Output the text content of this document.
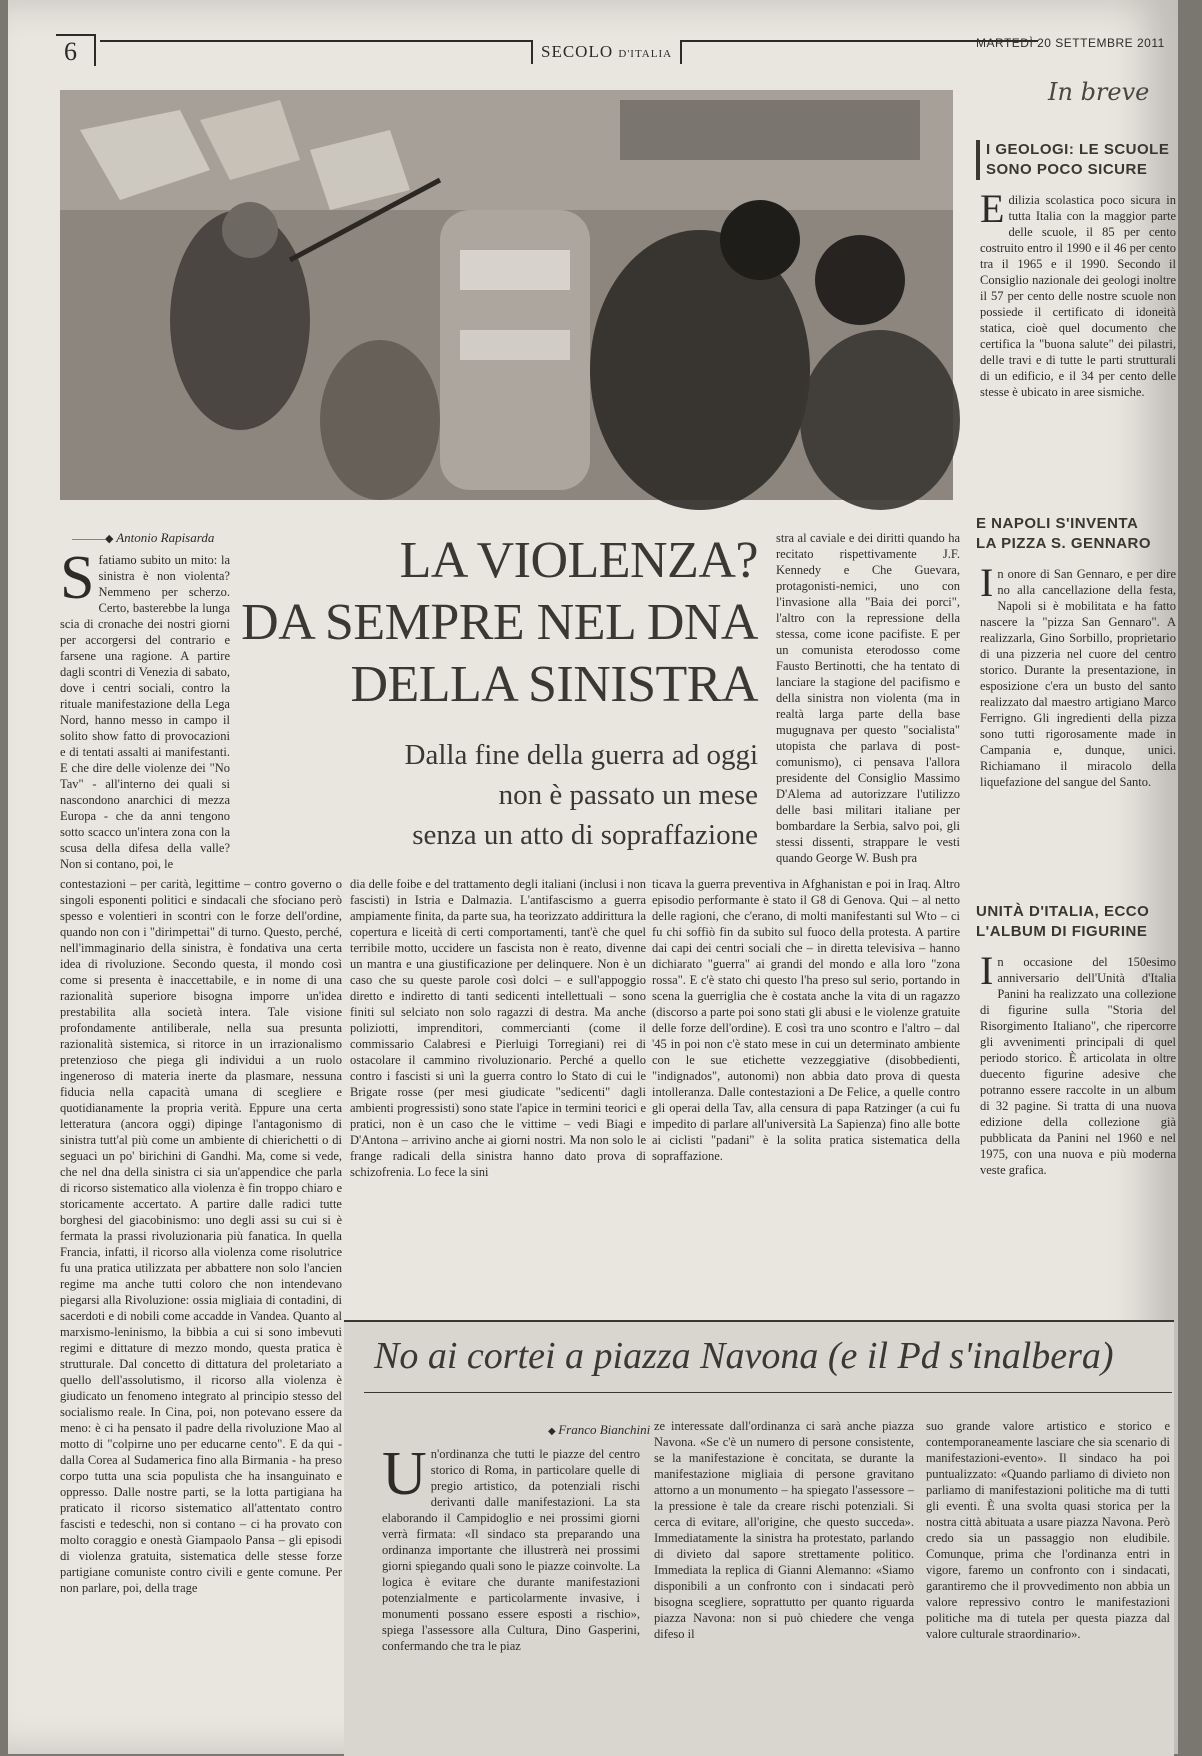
6	SECOLO D'ITALIA
MARTEDÌ 20 SETTEMBRE 2011
In breve
I GEOLOGI: LE SCUOLE
SONO POCO SICURE
Edilizia scolastica poco sicura in tutta Italia con la maggior parte delle scuole, il 85 per cento costruito entro il 1990 e il 46 per cento tra il 1965 e il 1990. Secondo il Consiglio nazionale dei geologi inoltre il 57 per cento delle nostre scuole non possiede il certificato di idoneità statica, cioè quel documento che certifica la "buona salute" dei pilastri, delle travi e di tutte le parti strutturali di un edificio, e il 34 per cento delle stesse è ubicato in aree sismiche.
E NAPOLI S'INVENTA
LA PIZZA S. GENNARO
In onore di San Gennaro, e per dire no alla cancellazione della festa, Napoli si è mobilitata e ha fatto nascere la "pizza San Gennaro". A realizzarla, Gino Sorbillo, proprietario di una pizzeria nel cuore del centro storico. Durante la presentazione, in esposizione c'era un busto del santo realizzato dal maestro artigiano Marco Ferrigno. Gli ingredienti della pizza sono tutti rigorosamente made in Campania e, dunque, unici. Richiamano il miracolo della liquefazione del sangue del Santo.
UNITÀ D'ITALIA, ECCO
L'ALBUM DI FIGURINE
In occasione del 150esimo anniversario dell'Unità d'Italia Panini ha realizzato una collezione di figurine sulla "Storia del Risorgimento Italiano", che ripercorre gli avvenimenti principali di quel periodo storico. È articolata in oltre duecento figurine adesive che potranno essere raccolte in un album di 32 pagine. Si tratta di una nuova edizione della collezione già pubblicata da Panini nel 1960 e nel 1975, con una nuova e più moderna veste grafica.
———◆ Antonio Rapisarda	LA VIOLENZA?
DA SEMPRE NEL DNA
DELLA SINISTRA
Dalla fine della guerra ad oggi
non è passato un mese
senza un atto di sopraffazione
Sfatiamo subito un mito: la sinistra è non violenta? Nemmeno per scherzo. Certo, basterebbe la lunga scia di cronache dei nostri giorni per accorgersi del contrario e farsene una ragione. A partire dagli scontri di Venezia di sabato, dove i centri sociali, contro la rituale manifestazione della Lega Nord, hanno messo in campo il solito show fatto di provocazioni e di tentati assalti ai manifestanti. E che dire delle violenze dei "No Tav" - all'interno dei quali si nascondono anarchici di mezza Europa - che da anni tengono sotto scacco un'intera zona con la scusa della difesa della valle? Non si contano, poi, le
contestazioni – per carità, legittime – contro governo o singoli esponenti politici e sindacali che sfociano però spesso e volentieri in scontri con le forze dell'ordine, quando non con i "dirimpettai" di turno. Questo, perché, nell'immaginario della sinistra, è fondativa una certa idea di rivoluzione. Secondo questa, il mondo così come si presenta è inaccettabile, e in nome di una razionalità superiore bisogna imporre un'idea prestabilita alla società intera. Tale visione profondamente antiliberale, nella sua presunta razionalità sistemica, si ritorce in un irrazionalismo pretenzioso che piega gli individui a un ruolo ingeneroso di materia inerte da plasmare, nessuna fiducia nella capacità umana di scegliere e quotidianamente la propria verità. Eppure una certa letteratura (ancora oggi) dipinge l'antagonismo di sinistra tutt'al più come un ambiente di chierichetti o di seguaci un po' birichini di Gandhi. Ma, come si vede, che nel dna della sinistra ci sia un'appendice che parla di ricorso sistematico alla violenza è fin troppo chiaro e storicamente accertato. A partire dalle radici tutte borghesi del giacobinismo: uno degli assi su cui si è fermata la prassi rivoluzionaria più fanatica. In quella Francia, infatti, il ricorso alla violenza come risolutrice fu una pratica utilizzata per abbattere non solo l'ancien regime ma anche tutti coloro che non intendevano piegarsi alla Rivoluzione: ossia migliaia di contadini, di sacerdoti e di nobili come accadde in Vandea. Quanto al marxismo-leninismo, la bibbia a cui si sono imbevuti regimi e dittature di mezzo mondo, questa pratica è strutturale. Dal concetto di dittatura del proletariato a quello dell'assolutismo, il ricorso alla violenza è giudicato un fenomeno integrato al principio stesso del socialismo reale. In Cina, poi, non potevano essere da meno: è ci ha pensato il padre della rivoluzione Mao al motto di "colpirne uno per educarne cento". E da qui - dalla Corea al Sudamerica fino alla Birmania - ha preso corpo tutta una scia populista che ha insanguinato e oppresso. Dalle nostre parti, se la lotta partigiana ha praticato il ricorso sistematico all'attentato contro fascisti e tedeschi, non si contano – ci ha provato con molto coraggio e onestà Giampaolo Pansa – gli episodi di violenza gratuita, sistematica delle stesse forze partigiane comuniste contro civili e gente comune. Per non parlare, poi, della trage
dia delle foibe e del trattamento degli italiani (inclusi i non fascisti) in Istria e Dalmazia. L'antifascismo a guerra ampiamente finita, da parte sua, ha teorizzato addirittura la copertura e liceità di certi comportamenti, tant'è che quel terribile motto, uccidere un fascista non è reato, divenne un mantra e una giustificazione per delinquere. Non è un caso che su queste parole così dolci – e sull'appoggio diretto e indiretto di tanti sedicenti intellettuali – sono finiti sul selciato non solo ragazzi di destra. Ma anche poliziotti, imprenditori, commercianti (come il commissario Calabresi e Pierluigi Torregiani) rei di ostacolare il cammino rivoluzionario. Perché a quello contro i fascisti si unì la guerra contro lo Stato di cui le Brigate rosse (per mesi giudicate "sedicenti" dagli ambienti progressisti) sono state l'apice in termini teorici e pratici, non è un caso che le vittime – vedi Biagi e D'Antona – arrivino anche ai giorni nostri. Ma non solo le frange radicali della sinistra hanno dato prova di schizofrenia. Lo fece la sini
stra al caviale e dei diritti quando ha recitato rispettivamente J.F. Kennedy e Che Guevara, protagonisti-nemici, uno con l'invasione alla "Baia dei porci", l'altro con la repressione della stessa, come icone pacifiste. E per un comunista eterodosso come Fausto Bertinotti, che ha tentato di lanciare la stagione del pacifismo e della sinistra non violenta (ma in realtà larga parte della base mugugnava per questo "socialista" utopista che parlava di post-comunismo), ci pensava l'allora presidente del Consiglio Massimo D'Alema ad autorizzare l'utilizzo delle basi militari italiane per bombardare la Serbia, salvo poi, gli stessi dissenti, strappare le vesti quando George W. Bush pra
ticava la guerra preventiva in Afghanistan e poi in Iraq. Altro episodio performante è stato il G8 di Genova. Qui – al netto delle ragioni, che c'erano, di molti manifestanti sul Wto – ci fu chi soffiò fin da subito sul fuoco della protesta. A partire dai capi dei centri sociali che – in diretta televisiva – hanno dichiarato "guerra" ai grandi del mondo e alla loro "zona rossa". E c'è stato chi questo l'ha preso sul serio, portando in scena la guerriglia che è costata anche la vita di un ragazzo (discorso a parte poi sono stati gli abusi e le violenze gratuite delle forze dell'ordine). E così tra uno scontro e l'altro – dal '45 in poi non c'è stato mese in cui un determinato ambiente con le sue etichette vezzeggiative (disobbedienti, "indignados", autonomi) non abbia dato prova di questa intolleranza. Dalle contestazioni a De Felice, a quelle contro gli operai della Tav, alla censura di papa Ratzinger (a cui fu impedito di parlare all'università La Sapienza) fino alle botte ai ciclisti "padani" è la solita pratica sistematica della sopraffazione.
No ai cortei a piazza Navona (e il Pd s'inalbera)
◆ Franco Bianchini
Un'ordinanza che tutti le piazze del centro storico di Roma, in particolare quelle di pregio artistico, da potenziali rischi derivanti dalle manifestazioni. La sta elaborando il Campidoglio e nei prossimi giorni verrà firmata: «Il sindaco sta preparando una ordinanza importante che illustrerà nei prossimi giorni spiegando quali sono le piazze coinvolte. La logica è evitare che durante manifestazioni potenzialmente e particolarmente invasive, i monumenti possano essere esposti a rischio», spiega l'assessore alla Cultura, Dino Gasperini, confermando che tra le piaz
ze interessate dall'ordinanza ci sarà anche piazza Navona. «Se c'è un numero di persone consistente, se la manifestazione è concitata, se durante la manifestazione migliaia di persone gravitano attorno a un monumento – ha spiegato l'assessore – la pressione è tale da creare rischi potenziali. Si cerca di evitare, all'origine, che questo succeda». Immediatamente la sinistra ha protestato, parlando di divieto dal sapore strettamente politico. Immediata la replica di Gianni Alemanno: «Siamo disponibili a un confronto con i sindacati però bisogna scegliere, soprattutto per quanto riguarda piazza Navona: non si può chiedere che venga difeso il
suo grande valore artistico e storico e contemporaneamente lasciare che sia scenario di manifestazioni-evento». Il sindaco ha poi puntualizzato: «Quando parliamo di divieto non parliamo di manifestazioni politiche ma di tutti gli eventi. È una svolta quasi storica per la nostra città abituata a usare piazza Navona. Però credo sia un passaggio non eludibile. Comunque, prima che l'ordinanza entri in vigore, faremo un confronto con i sindacati, garantiremo che il provvedimento non abbia un valore repressivo contro le manifestazioni politiche ma di tutela per questa piazza dal valore culturale straordinario».
